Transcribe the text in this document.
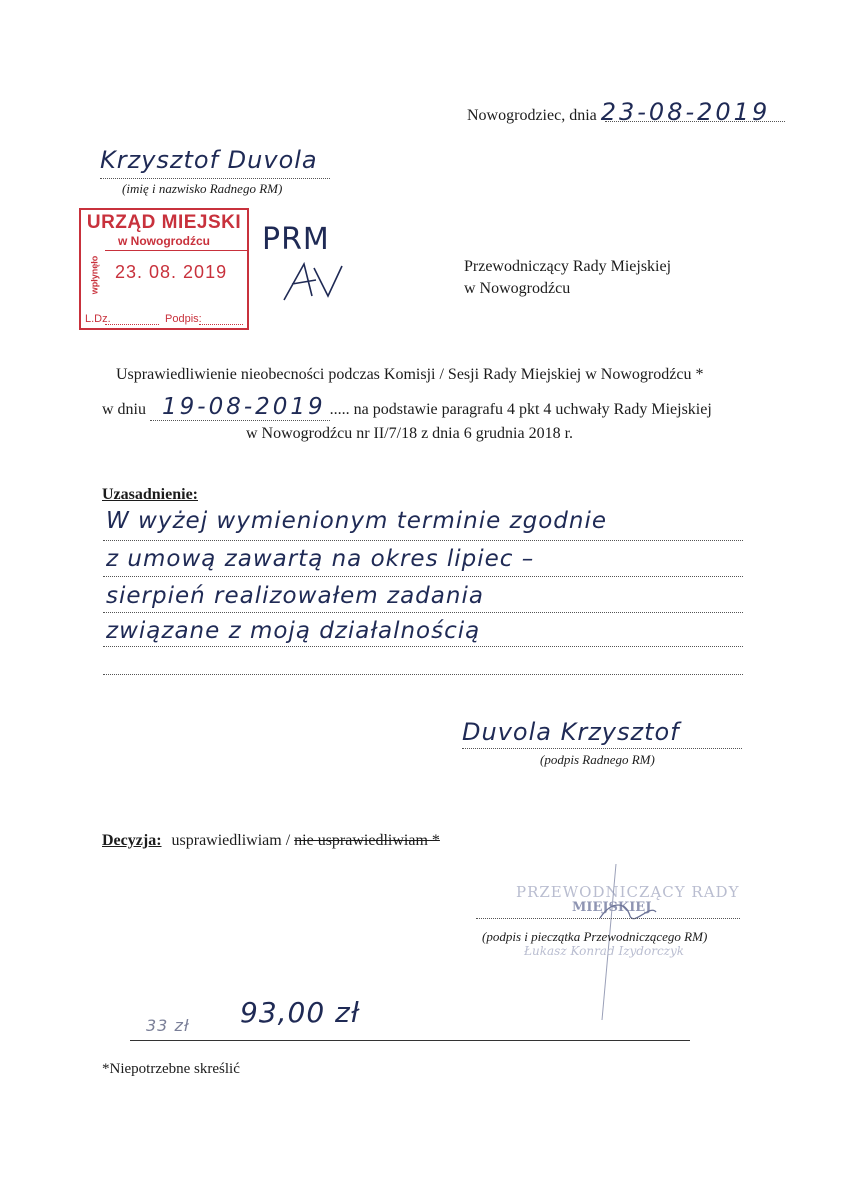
Nowogrodziec, dnia 23-08-2019
Krzysztof Duvola
(imię i nazwisko Radnego RM)
URZĄD MIEJSKI
w Nowogrodźcu
wpłynęło 23. 08. 2019
L.Dz.	Podpis:
PRM
Przewodniczący Rady Miejskiej
w Nowogrodźcu
Usprawiedliwienie nieobecności podczas Komisji / Sesji Rady Miejskiej w Nowogrodźcu *
w dniu 19-08-2019 ..... na podstawie paragrafu 4 pkt 4 uchwały Rady Miejskiej
w Nowogrodźcu nr II/7/18 z dnia 6 grudnia 2018 r.
Uzasadnienie:
W wyżej wymienionym terminie zgodnie
z umową zawartą na okres lipiec –
sierpień realizowałem zadania
związane z moją działalnością
Duvola Krzysztof
(podpis Radnego RM)
Decyzja: usprawiedliwiam / nie usprawiedliwiam *
PRZEWODNICZĄCY RADY
MIEJSKIEJ
(podpis i pieczątka Przewodniczącego RM)
Łukasz Konrad Izydorczyk
33 zł 93,00 zł
*Niepotrzebne skreślić
